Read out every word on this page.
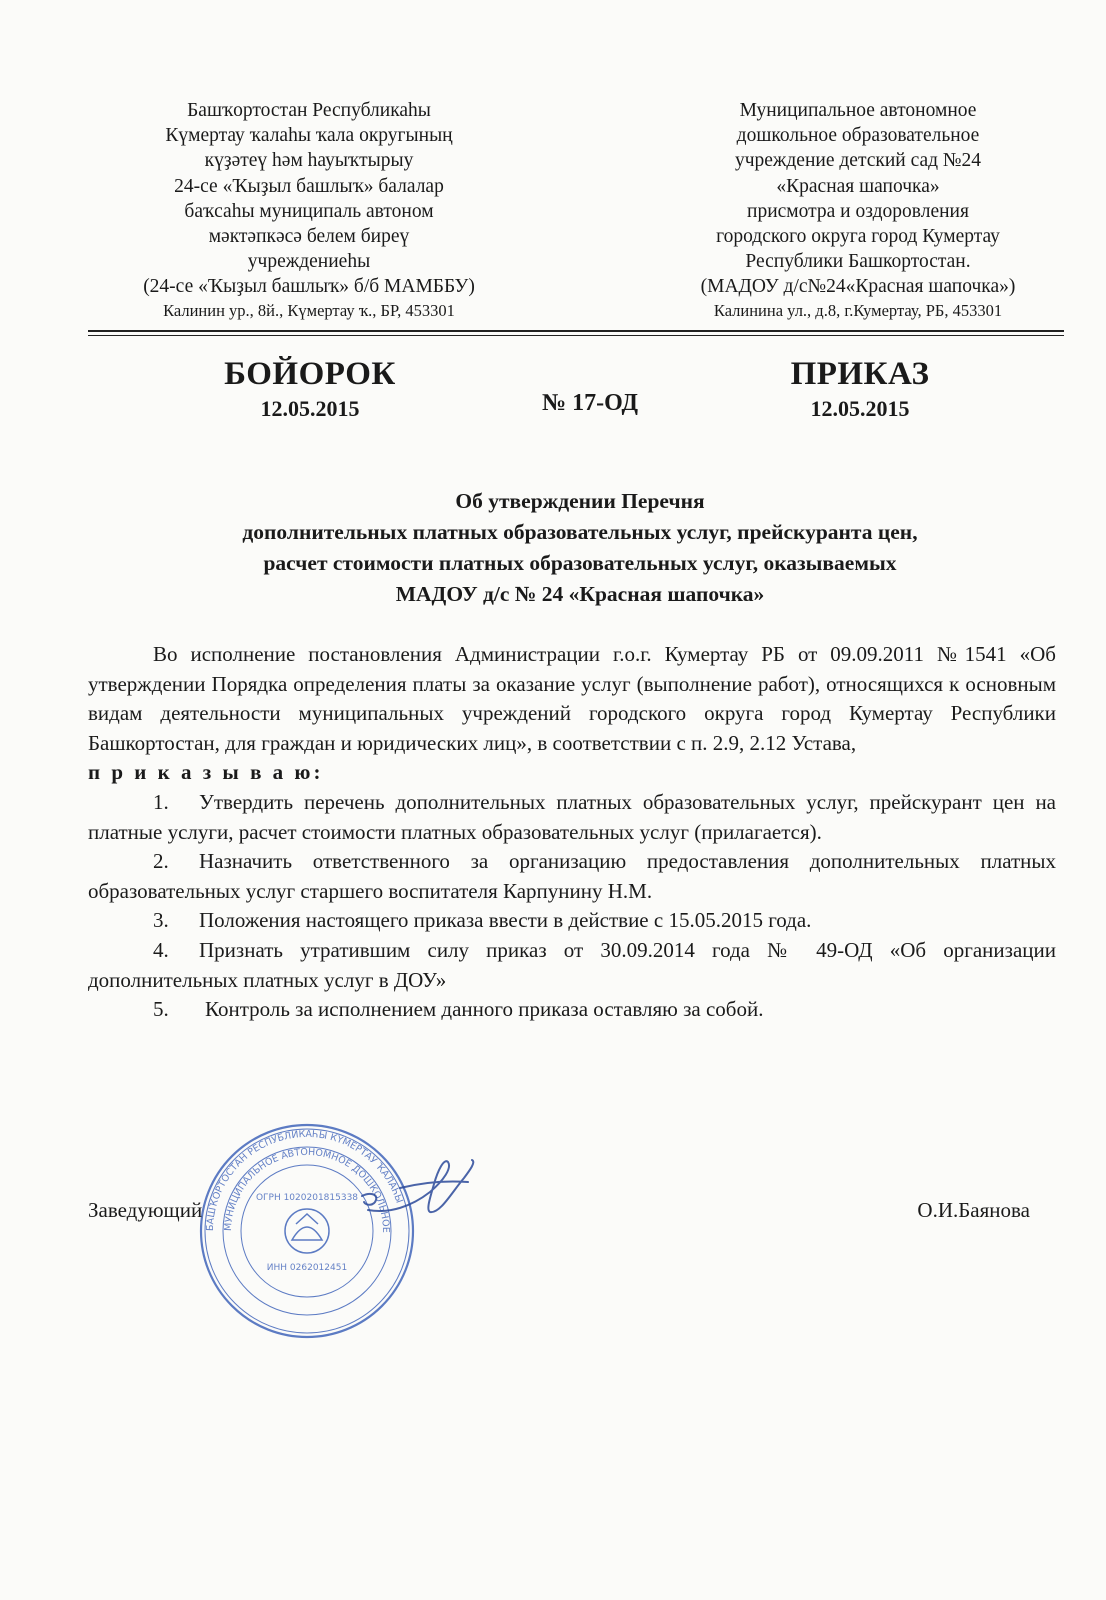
Башҡортостан Республикаһы
Күмертау ҡалаһы ҡала округының
күҙәтеү һәм һауыҡтырыу
24-се «Ҡыҙыл башлыҡ» балалар
баҡсаһы муниципаль автоном
мәктәпкәсә белем биреү
учреждениеһы
(24-се «Ҡыҙыл башлыҡ» б/б МАМББУ)
Калинин ур., 8й., Күмертау ҡ., БР, 453301
Муниципальное автономное
дошкольное образовательное
учреждение детский сад №24
«Красная шапочка»
присмотра и оздоровления
городского округа город Кумертау
Республики Башкортостан.
(МАДОУ д/с№24«Красная шапочка»)
Калинина ул., д.8, г.Кумертау, РБ, 453301
БОЙОРОК
12.05.2015	№ 17-ОД
ПРИКАЗ
12.05.2015
Об утверждении Перечня
дополнительных платных образовательных услуг, прейскуранта цен,
расчет стоимости платных образовательных услуг, оказываемых
МАДОУ д/с № 24 «Красная шапочка»

Во исполнение постановления Администрации г.о.г. Кумертау РБ от 09.09.2011 №1541 «Об утверждении Порядка определения платы за оказание услуг (выполнение работ), относящихся к основным видам деятельности муниципальных учреждений городского округа город Кумертау Республики Башкортостан, для граждан и юридических лиц», в соответствии с п. 2.9, 2.12 Устава,

п р и к а з ы в а ю:

1. Утвердить перечень дополнительных платных образовательных услуг, прейскурант цен на платные услуги, расчет стоимости платных образовательных услуг (прилагается).

2. Назначить ответственного за организацию предоставления дополнительных платных образовательных услуг старшего воспитателя Карпунину Н.М.

3. Положения настоящего приказа ввести в действие с 15.05.2015 года.

4. Признать утратившим силу приказ от 30.09.2014 года № 49-ОД «Об организации дополнительных платных услуг в ДОУ»

5. Контроль за исполнением данного приказа оставляю за собой.

БАШҠОРТОСТАН РЕСПУБЛИКАҺЫ КҮМЕРТАУ ҠАЛАҺЫ
МУНИЦИПАЛЬНОЕ АВТОНОМНОЕ ДОШКОЛЬНОЕ
ОГРН 1020201815338
ИНН 0262012451
Заведующий	О.И.Баянова
